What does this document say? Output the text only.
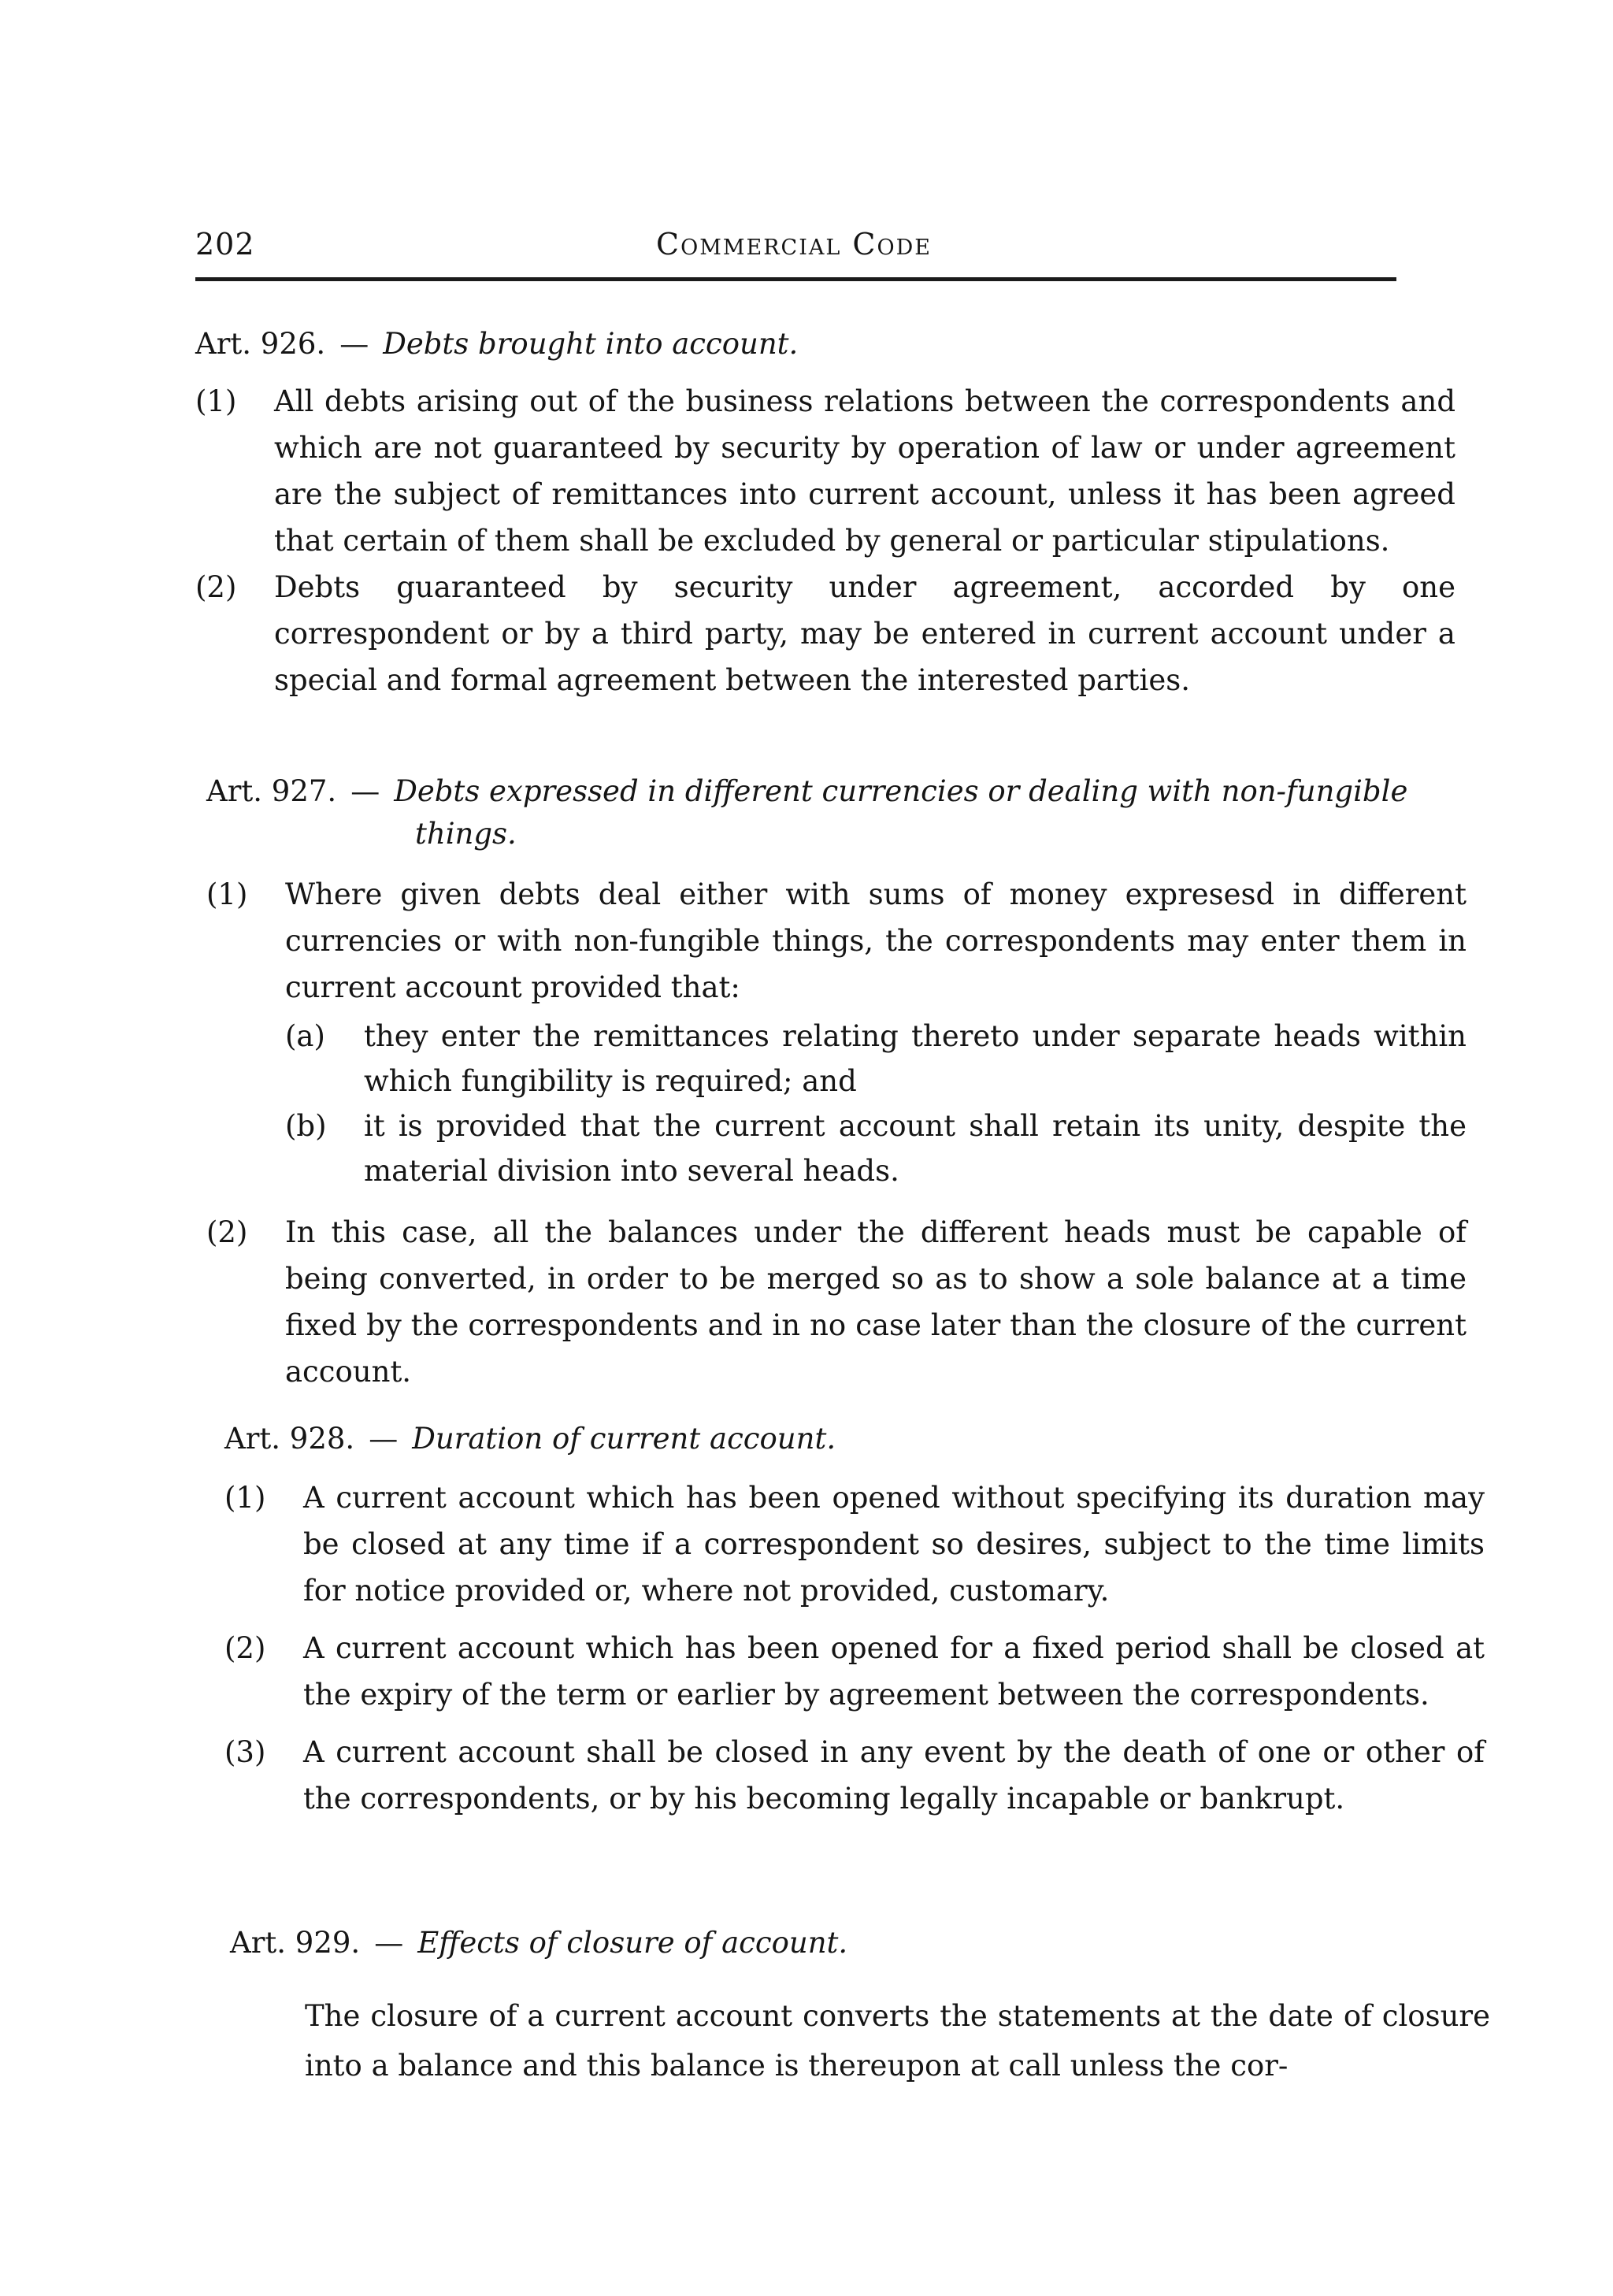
202	Commercial Code
Art. 926. — Debts brought into account.
(1)	All debts arising out of the business relations between the correspondents and which are not guaranteed by security by operation of law or under agreement are the subject of remittances into current account, unless it has been agreed that certain of them shall be excluded by general or particular stipulations.
(2)	Debts guaranteed by security under agreement, accorded by one correspondent or by a third party, may be entered in current account under a special and formal agreement between the interested parties.
Art. 927. — Debts expressed in different currencies or dealing with non-fungible
things.
(1)	Where given debts deal either with sums of money expresesd in different currencies or with non-fungible things, the correspondents may enter them in current account provided that:
(a)	they enter the remittances relating thereto under separate heads within which fungibility is required; and
(b)	it is provided that the current account shall retain its unity, despite the material division into several heads.
(2)	In this case, all the balances under the different heads must be capable of being converted, in order to be merged so as to show a sole balance at a time fixed by the correspondents and in no case later than the closure of the current account.
Art. 928. — Duration of current account.
(1)	A current account which has been opened without specifying its duration may be closed at any time if a correspondent so desires, subject to the time limits for notice provided or, where not provided, customary.
(2)	A current account which has been opened for a fixed period shall be closed at the expiry of the term or earlier by agreement between the correspondents.
(3)	A current account shall be closed in any event by the death of one or other of the correspondents, or by his becoming legally incapable or bankrupt.
Art. 929. — Effects of closure of account.
The closure of a current account converts the statements at the date of closure into a balance and this balance is thereupon at call unless the cor-
